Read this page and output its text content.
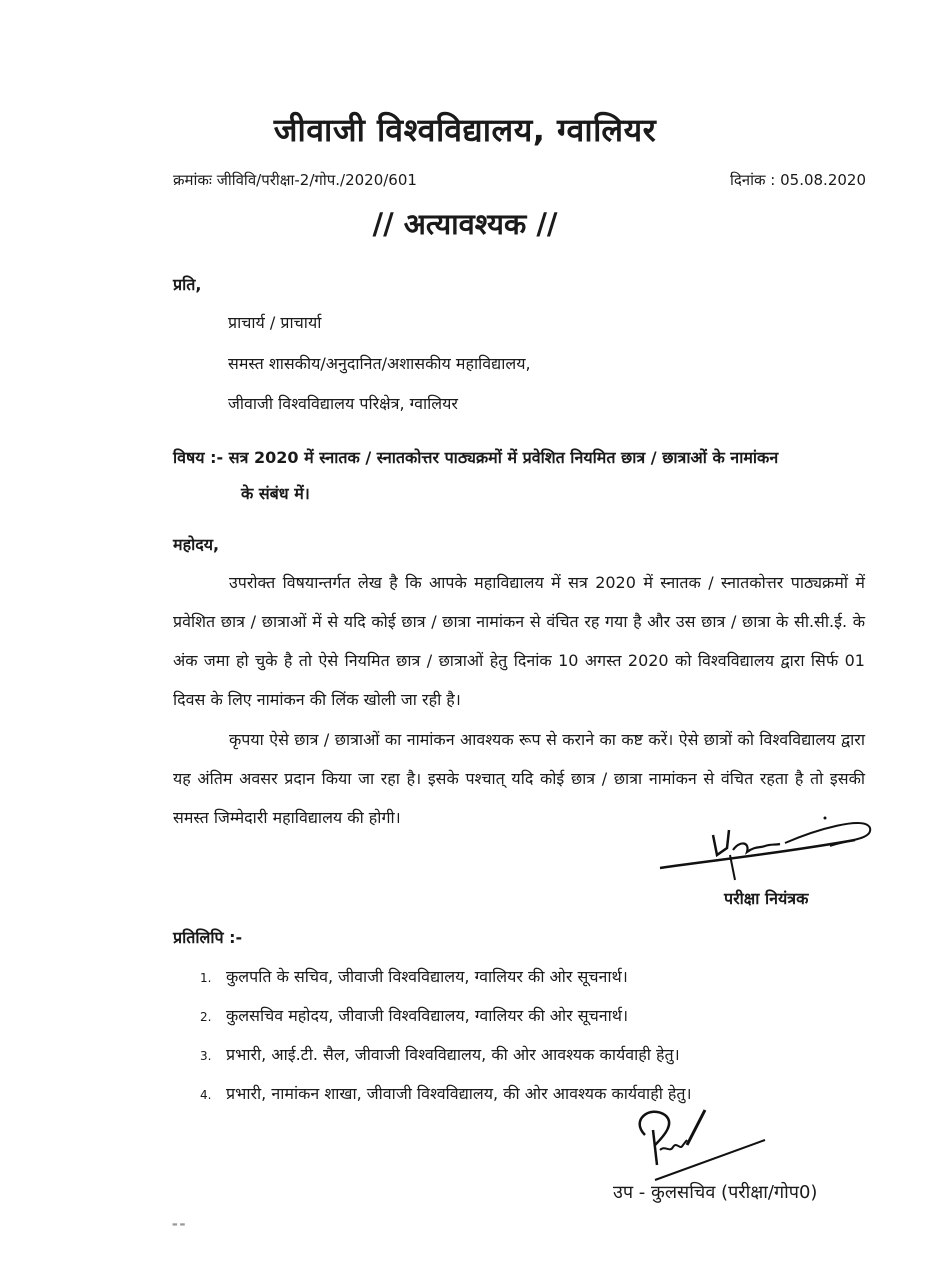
जीवाजी विश्वविद्यालय, ग्वालियर
क्रमांकः जीविवि/परीक्षा-2/गोप./2020/601	दिनांक : 05.08.2020
// अत्यावश्यक //
प्रति,
प्राचार्य / प्राचार्या
समस्त शासकीय/अनुदानित/अशासकीय महाविद्यालय,
जीवाजी विश्वविद्यालय परिक्षेत्र, ग्वालियर
विषय :- सत्र 2020 में स्नातक / स्नातकोत्तर पाठ्यक्रमों में प्रवेशित नियमित छात्र / छात्राओं के नामांकन
के संबंध में।
महोदय,
उपरोक्त विषयान्तर्गत लेख है कि आपके महाविद्यालय में सत्र 2020 में स्नातक / स्नातकोत्तर पाठ्यक्रमों में प्रवेशित छात्र / छात्राओं में से यदि कोई छात्र / छात्रा नामांकन से वंचित रह गया है और उस छात्र / छात्रा के सी.सी.ई. के अंक जमा हो चुके है तो ऐसे नियमित छात्र / छात्राओं हेतु दिनांक 10 अगस्त 2020 को विश्वविद्यालय द्वारा सिर्फ 01 दिवस के लिए नामांकन की लिंक खोली जा रही है।
कृपया ऐसे छात्र / छात्राओं का नामांकन आवश्यक रूप से कराने का कष्ट करें। ऐसे छात्रों को विश्वविद्यालय द्वारा यह अंतिम अवसर प्रदान किया जा रहा है। इसके पश्चात् यदि कोई छात्र / छात्रा नामांकन से वंचित रहता है तो इसकी समस्त जिम्मेदारी महाविद्यालय की होगी।
परीक्षा नियंत्रक
प्रतिलिपि :-
1. कुलपति के सचिव, जीवाजी विश्वविद्यालय, ग्वालियर की ओर सूचनार्थ।
2. कुलसचिव महोदय, जीवाजी विश्वविद्यालय, ग्वालियर की ओर सूचनार्थ।
3. प्रभारी, आई.टी. सैल, जीवाजी विश्वविद्यालय, की ओर आवश्यक कार्यवाही हेतु।
4. प्रभारी, नामांकन शाखा, जीवाजी विश्वविद्यालय, की ओर आवश्यक कार्यवाही हेतु।
उप - कुलसचिव (परीक्षा/गोप0)
▬ ▬
